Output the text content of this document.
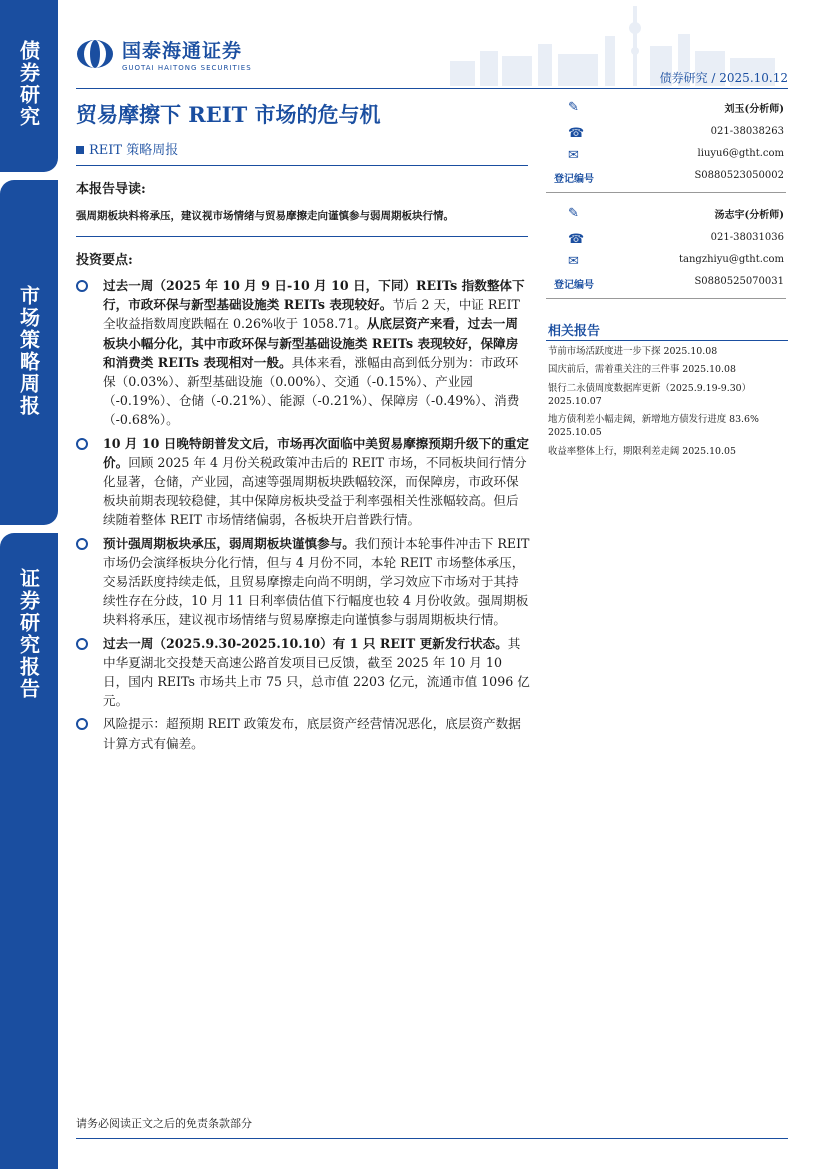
债券研究
市场策略周报
证券研究报告
国泰海通证券
GUOTAI HAITONG SECURITIES
债券研究 / 2025.10.12
贸易摩擦下 REIT 市场的危与机
REIT 策略周报
本报告导读:
强周期板块料将承压，建议视市场情绪与贸易摩擦走向谨慎参与弱周期板块行情。
投资要点:
过去一周（2025 年 10 月 9 日-10 月 10 日，下同）REITs 指数整体下行，市政环保与新型基础设施类 REITs 表现较好。节后 2 天，中证 REIT 全收益指数周度跌幅在 0.26%收于 1058.71。从底层资产来看，过去一周板块小幅分化，其中市政环保与新型基础设施类 REITs 表现较好，保障房和消费类 REITs 表现相对一般。具体来看，涨幅由高到低分别为：市政环保（0.03%）、新型基础设施（0.00%）、交通（-0.15%）、产业园（-0.19%）、仓储（-0.21%）、能源（-0.21%）、保障房（-0.49%）、消费（-0.68%）。
10 月 10 日晚特朗普发文后，市场再次面临中美贸易摩擦预期升级下的重定价。回顾 2025 年 4 月份关税政策冲击后的 REIT 市场，不同板块间行情分化显著，仓储，产业园，高速等强周期板块跌幅较深，而保障房，市政环保板块前期表现较稳健，其中保障房板块受益于利率强相关性涨幅较高。但后续随着整体 REIT 市场情绪偏弱，各板块开启普跌行情。
预计强周期板块承压，弱周期板块谨慎参与。我们预计本轮事件冲击下 REIT 市场仍会演绎板块分化行情，但与 4 月份不同，本轮 REIT 市场整体承压，交易活跃度持续走低，且贸易摩擦走向尚不明朗，学习效应下市场对于其持续性存在分歧，10 月 11 日利率债估值下行幅度也较 4 月份收敛。强周期板块料将承压，建议视市场情绪与贸易摩擦走向谨慎参与弱周期板块行情。
过去一周（2025.9.30-2025.10.10）有 1 只 REIT 更新发行状态。其中华夏湖北交投楚天高速公路首发项目已反馈，截至 2025 年 10 月 10 日，国内 REITs 市场共上市 75 只，总市值 2203 亿元，流通市值 1096 亿元。
风险提示：超预期 REIT 政策发布，底层资产经营情况恶化，底层资产数据计算方式有偏差。
✎	刘玉(分析师)
☎	021-38038263
✉	liuyu6@gtht.com
登记编号	S0880523050002
✎	汤志宇(分析师)
☎	021-38031036
✉	tangzhiyu@gtht.com
登记编号	S0880525070031
相关报告
节前市场活跃度进一步下探 2025.10.08
国庆前后，需着重关注的三件事 2025.10.08
银行二永债周度数据库更新（2025.9.19-9.30）2025.10.07
地方债利差小幅走阔，新增地方债发行进度 83.6% 2025.10.05
收益率整体上行，期限利差走阔 2025.10.05
请务必阅读正文之后的免责条款部分
